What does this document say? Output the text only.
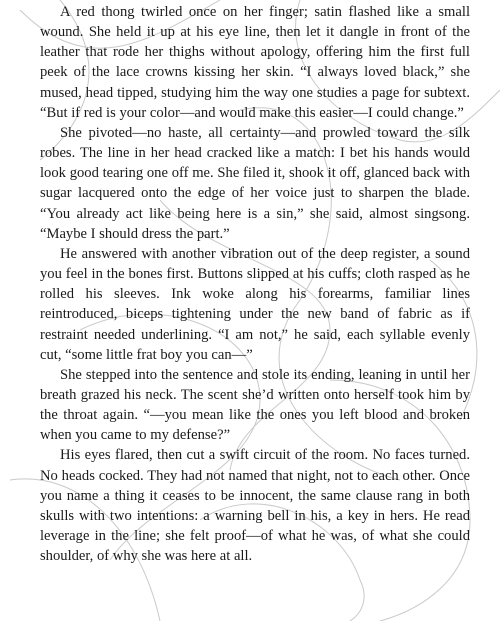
A red thong twirled once on her finger; satin flashed like a small wound. She held it up at his eye line, then let it dangle in front of the leather that rode her thighs without apology, offering him the first full peek of the lace crowns kissing her skin. “I always loved black,” she mused, head tipped, studying him the way one studies a page for subtext. “But if red is your color—and would make this easier—I could change.”

She pivoted—no haste, all certainty—and prowled toward the silk robes. The line in her head cracked like a match: I bet his hands would look good tearing one off me. She filed it, shook it off, glanced back with sugar lacquered onto the edge of her voice just to sharpen the blade. “You already act like being here is a sin,” she said, almost singsong. “Maybe I should dress the part.”

He answered with another vibration out of the deep register, a sound you feel in the bones first. Buttons slipped at his cuffs; cloth rasped as he rolled his sleeves. Ink woke along his forearms, familiar lines reintroduced, biceps tightening under the new band of fabric as if restraint needed underlining. “I am not,” he said, each syllable evenly cut, “some little frat boy you can—”

She stepped into the sentence and stole its ending, leaning in until her breath grazed his neck. The scent she’d written onto herself took him by the throat again. “—you mean like the ones you left blood and broken when you came to my defense?”

His eyes flared, then cut a swift circuit of the room. No faces turned. No heads cocked. They had not named that night, not to each other. Once you name a thing it ceases to be innocent, the same clause rang in both skulls with two intentions: a warning bell in his, a key in hers. He read leverage in the line; she felt proof—of what he was, of what she could shoulder, of why she was here at all.
